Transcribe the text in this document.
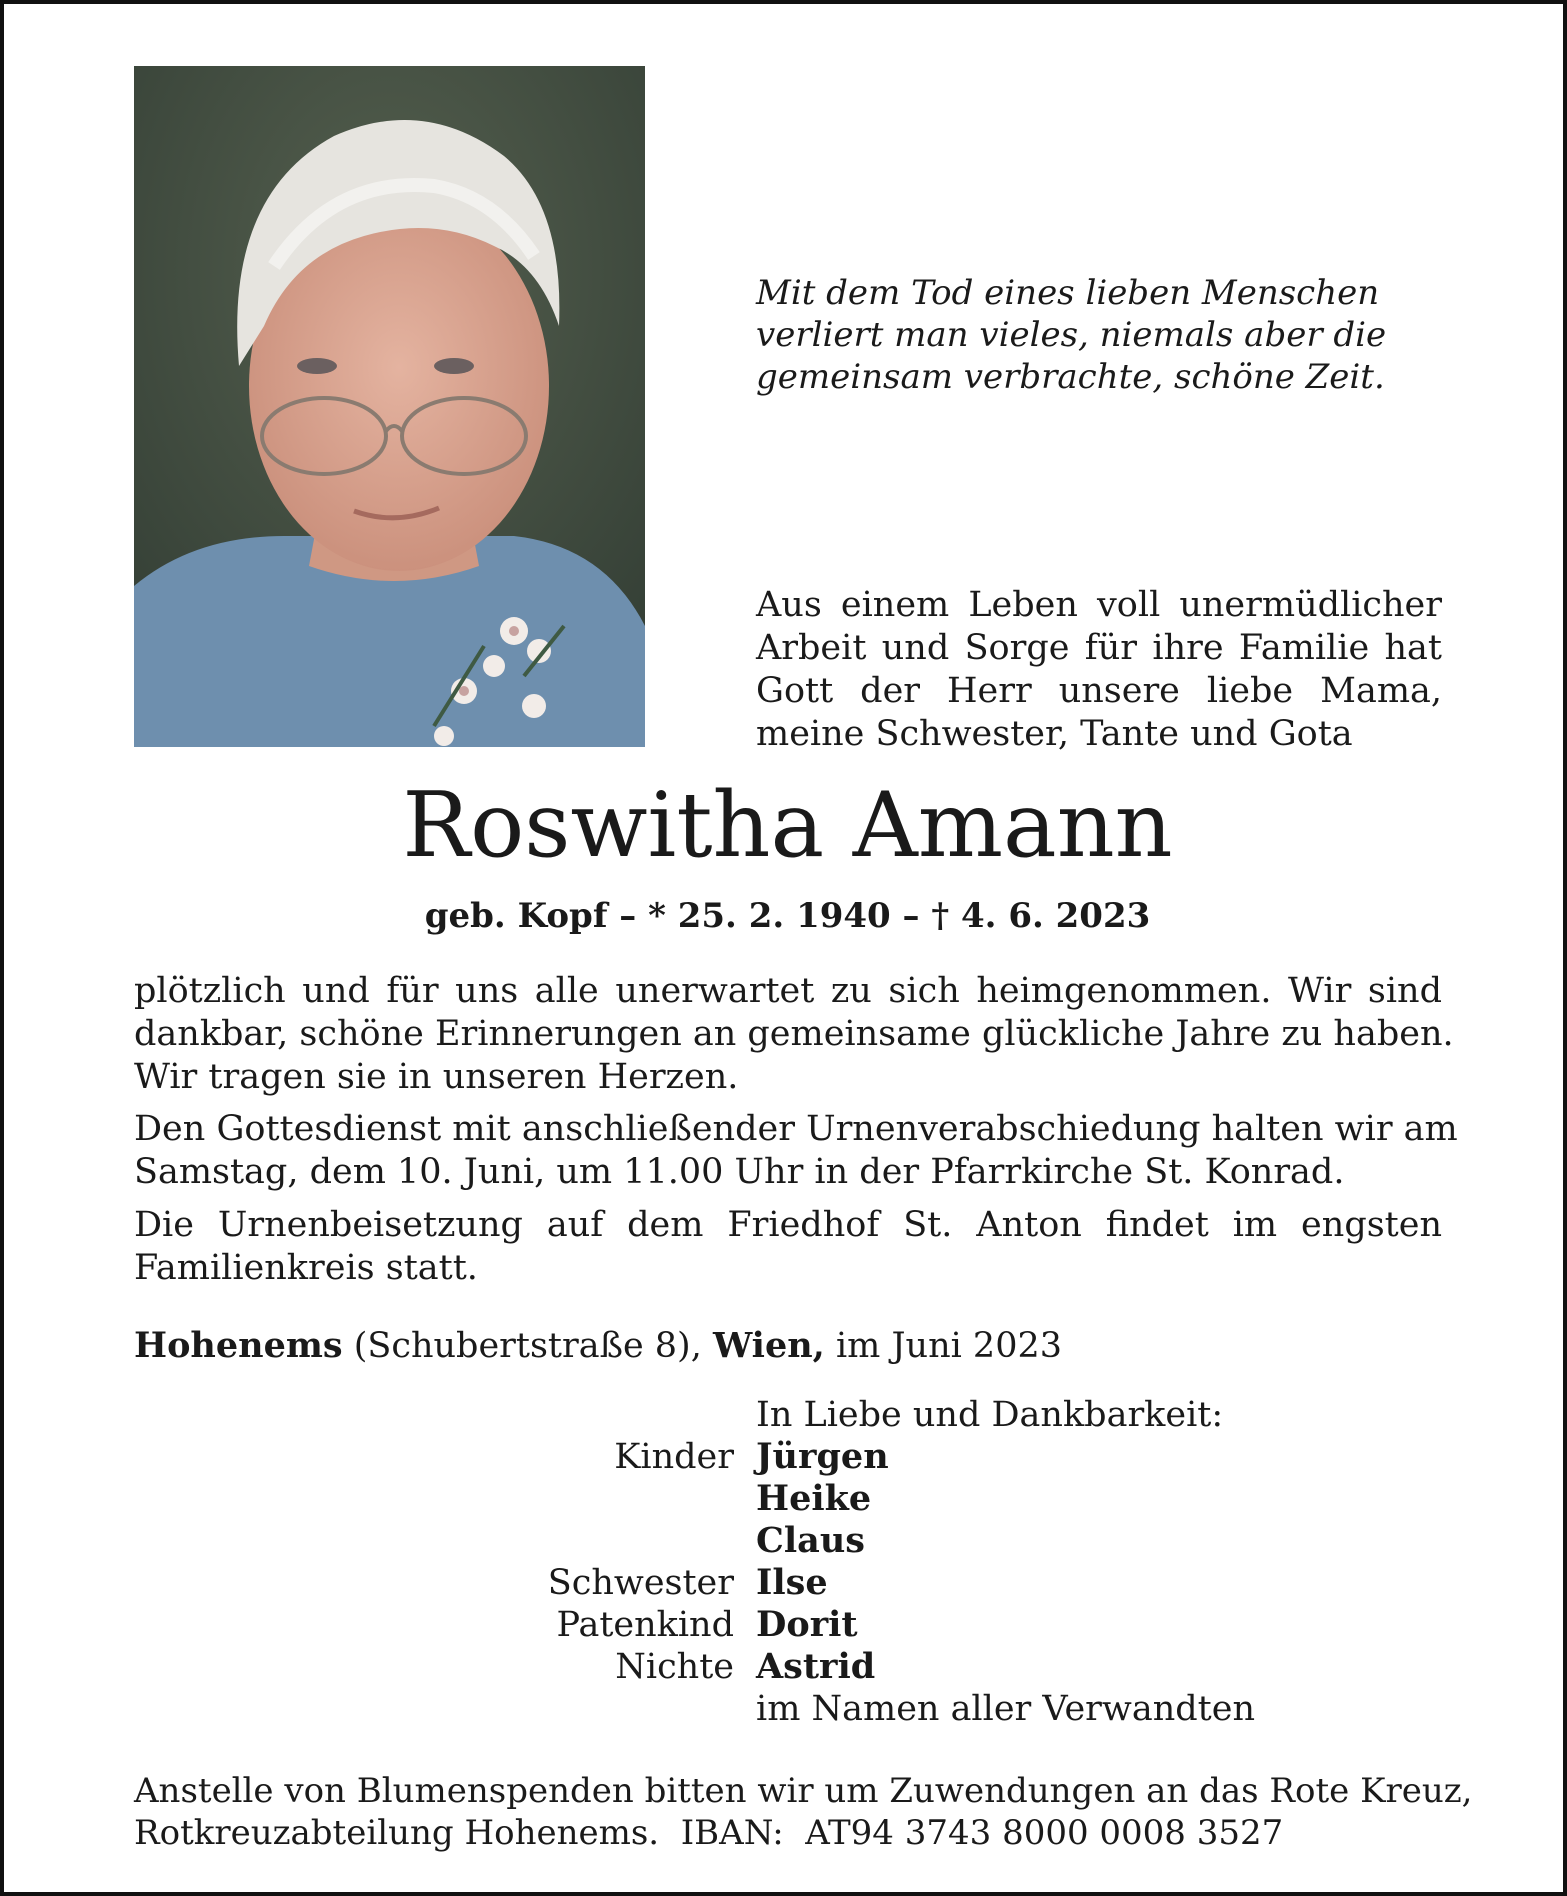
Mit dem Tod eines lieben Menschen
verliert man vieles, niemals aber die
gemeinsam verbrachte, schöne Zeit.
Aus einem Leben voll unermüdlicher
Arbeit und Sorge für ihre Familie hat
Gott der Herr unsere liebe Mama,
meine Schwester, Tante und Gota
Roswitha Amann
geb. Kopf – * 25. 2. 1940 – † 4. 6. 2023
plötzlich und für uns alle unerwartet zu sich heimgenommen. Wir sind
dankbar, schöne Erinnerungen an gemeinsame glückliche Jahre zu haben.
Wir tragen sie in unseren Herzen.
Den Gottesdienst mit anschließender Urnenverabschiedung halten wir am
Samstag, dem 10. Juni, um 11.00 Uhr in der Pfarrkirche St. Konrad.
Die Urnenbeisetzung auf dem Friedhof St. Anton findet im engsten
Familienkreis statt.
Hohenems (Schubertstraße 8), Wien, im Juni 2023
In Liebe und Dankbarkeit:
Kinder	Jürgen
	Heike
	Claus
Schwester	Ilse
Patenkind	Dorit
Nichte	Astrid
im Namen aller Verwandten
Anstelle von Blumenspenden bitten wir um Zuwendungen an das Rote Kreuz,
Rotkreuzabteilung Hohenems.  IBAN:  AT94 3743 8000 0008 3527
